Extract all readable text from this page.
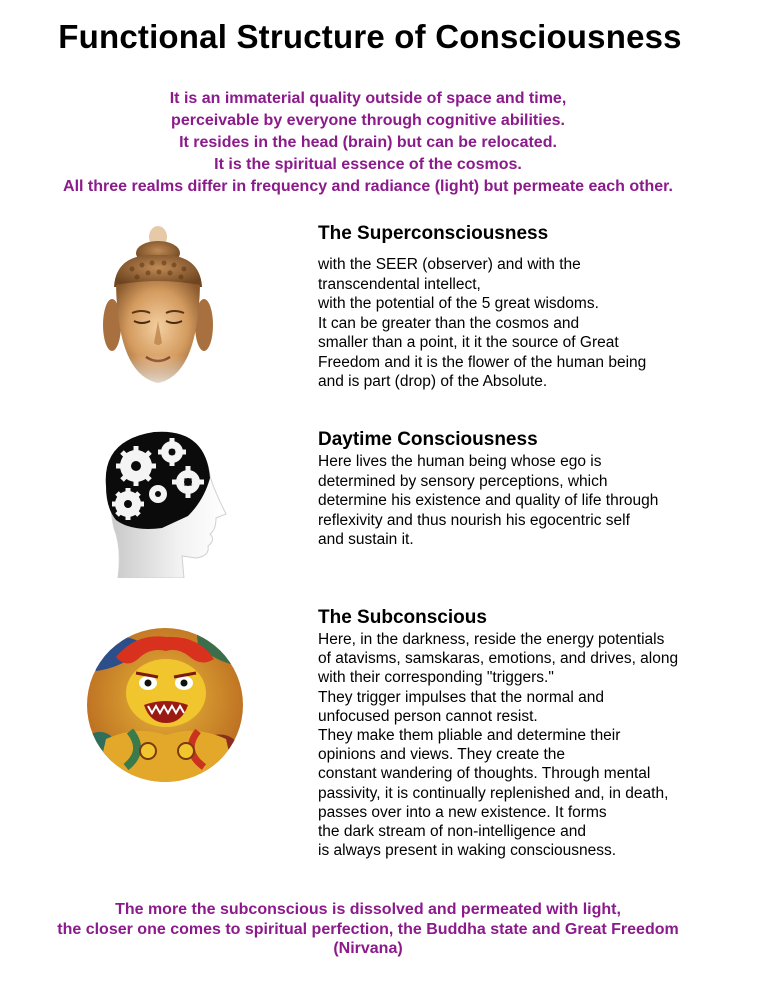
Functional Structure of Consciousness
It is an immaterial quality outside of space and time,
perceivable by everyone through cognitive abilities.
It resides in the head (brain) but can be relocated.
It is the spiritual essence of the cosmos.
All three realms differ in frequency and radiance (light) but permeate each other.
The Superconsciousness
with the SEER (observer) and with the
transcendental intellect,
with the potential of the 5 great wisdoms.
It can be greater than the cosmos and
smaller than a point, it it the source of Great
Freedom and it is the flower of the human being
and is part (drop) of the Absolute.
Daytime Consciousness
Here lives the human being whose ego is
determined by sensory perceptions, which
determine his existence and quality of life through
reflexivity and thus nourish his egocentric self
and sustain it.
The Subconscious
Here, in the darkness, reside the energy potentials
of atavisms, samskaras, emotions, and drives, along
with their corresponding "triggers."
They trigger impulses that the normal and
unfocused person cannot resist.
They make them pliable and determine their
opinions and views. They create the
constant wandering of thoughts. Through mental
passivity, it is continually replenished and, in death,
passes over into a new existence. It forms
the dark stream of non-intelligence and
is always present in waking consciousness.
The more the subconscious is dissolved and permeated with light,
the closer one comes to spiritual perfection, the Buddha state and Great Freedom
(Nirvana)
